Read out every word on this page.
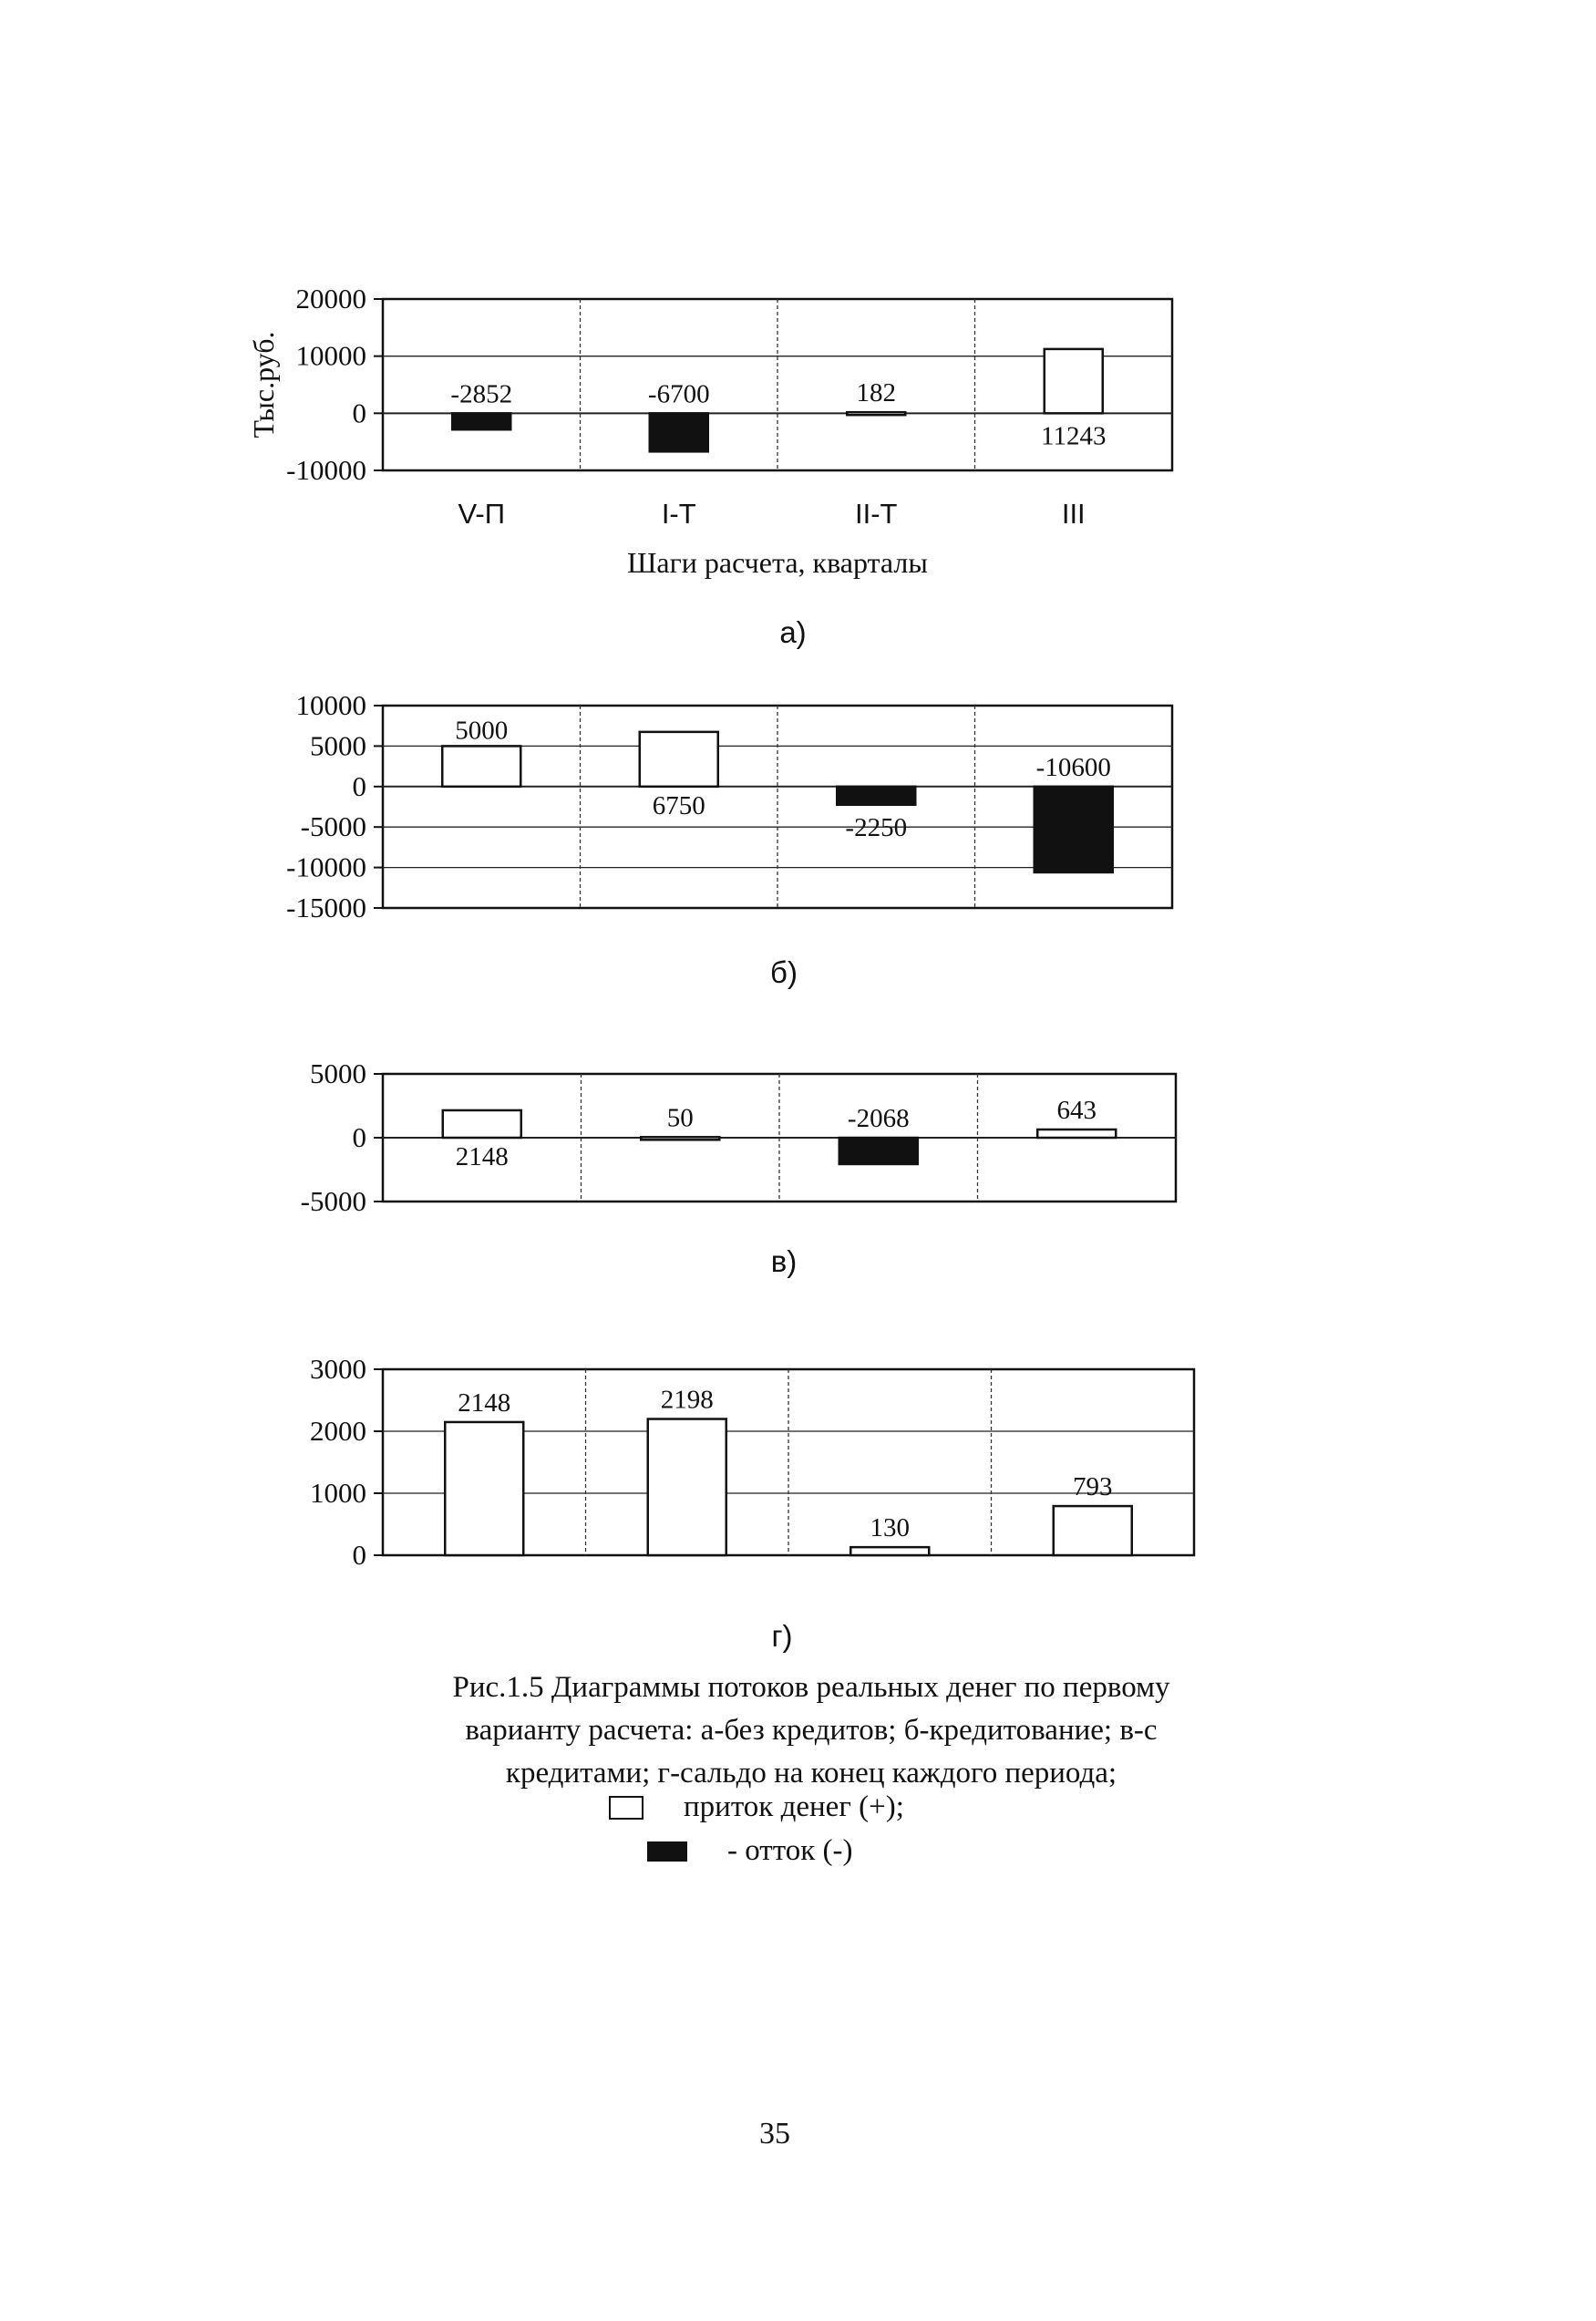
20000
10000
0
-10000
-2852	-6700	182
11243
V-П	I-T	II-T	III
Тыс.руб.
Шаги расчета, кварталы
а)
10000
5000
0
-5000
-10000
-15000
5000
6750
-2250
-10600
б)
5000
0
-5000
2148
50	-2068	643
в)
3000
2000
1000
0
2148	2198
130
793
г)
Рис.1.5 Диаграммы потоков реальных денег по первому
варианту расчета: а-без кредитов; б-кредитование; в-с
кредитами; г-сальдо на конец каждого периода;
приток денег (+);
- отток (-)
35
